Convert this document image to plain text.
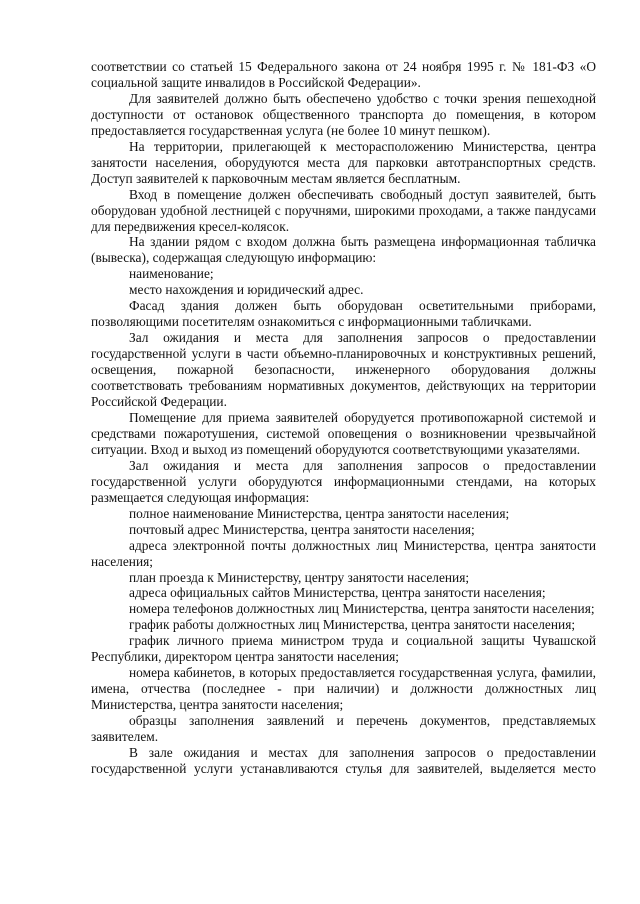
соответствии со статьей 15 Федерального закона от 24 ноября 1995 г. № 181-ФЗ «О социальной защите инвалидов в Российской Федерации».

Для заявителей должно быть обеспечено удобство с точки зрения пешеходной доступности от остановок общественного транспорта до помещения, в котором предоставляется государственная услуга (не более 10 минут пешком).

На территории, прилегающей к месторасположению Министерства, центра занятости населения, оборудуются места для парковки автотранспортных средств. Доступ заявителей к парковочным местам является бесплатным.

Вход в помещение должен обеспечивать свободный доступ заявителей, быть оборудован удобной лестницей с поручнями, широкими проходами, а также пандусами для передвижения кресел-колясок.

На здании рядом с входом должна быть размещена информационная табличка (вывеска), содержащая следующую информацию:

наименование;

место нахождения и юридический адрес.

Фасад здания должен быть оборудован осветительными приборами, позволяющими посетителям ознакомиться с информационными табличками.

Зал ожидания и места для заполнения запросов о предоставлении государственной услуги в части объемно-планировочных и конструктивных решений, освещения, пожарной безопасности, инженерного оборудования должны соответствовать требованиям нормативных документов, действующих на территории Российской Федерации.

Помещение для приема заявителей оборудуется противопожарной системой и средствами пожаротушения, системой оповещения о возникновении чрезвычайной ситуации. Вход и выход из помещений оборудуются соответствующими указателями.

Зал ожидания и места для заполнения запросов о предоставлении государственной услуги оборудуются информационными стендами, на которых размещается следующая информация:

полное наименование Министерства, центра занятости населения;

почтовый адрес Министерства, центра занятости населения;

адреса электронной почты должностных лиц Министерства, центра занятости населения;

план проезда к Министерству, центру занятости населения;

адреса официальных сайтов Министерства, центра занятости населения;

номера телефонов должностных лиц Министерства, центра занятости населения;

график работы должностных лиц Министерства, центра занятости населения;

график личного приема министром труда и социальной защиты Чувашской Республики, директором центра занятости населения;

номера кабинетов, в которых предоставляется государственная услуга, фамилии, имена, отчества (последнее - при наличии) и должности должностных лиц Министерства, центра занятости населения;

образцы заполнения заявлений и перечень документов, представляемых заявителем.

В зале ожидания и местах для заполнения запросов о предоставлении государственной услуги устанавливаются стулья для заявителей, выделяется место
